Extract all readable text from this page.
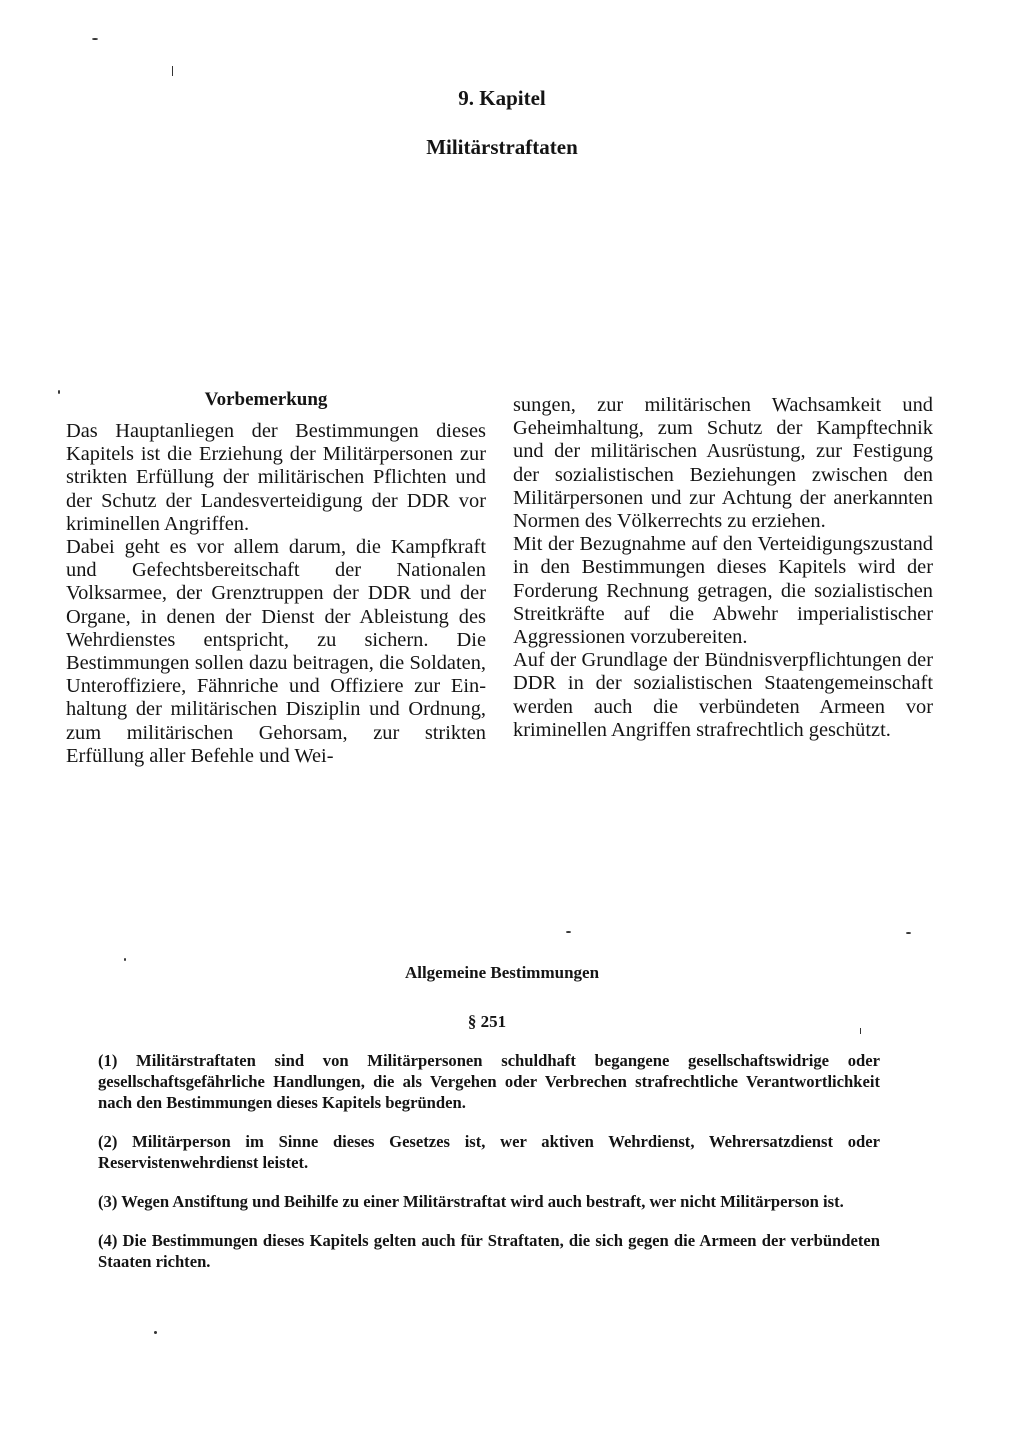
9. Kapitel
Militärstraftaten
Vorbemerkung

Das Hauptanliegen der Bestimmungen dieses Kapitels ist die Erziehung der Militärpersonen zur strikten Erfüllung der militärischen Pflichten und der Schutz der Landesverteidigung der DDR vor kriminellen Angriffen.

Dabei geht es vor allem darum, die Kampfkraft und Gefechtsbereitschaft der Nationalen Volksarmee, der Grenztruppen der DDR und der Organe, in denen der Dienst der Ableistung des Wehrdienstes entspricht, zu sichern. Die Bestimmungen sollen dazu beitragen, die Soldaten, Unteroffiziere, Fähnriche und Offiziere zur Einhaltung der militärischen Disziplin und Ordnung, zum militärischen Gehorsam, zur strikten Erfüllung aller Befehle und Wei-

sungen, zur militärischen Wachsamkeit und Geheimhaltung, zum Schutz der Kampftechnik und der militärischen Ausrüstung, zur Festigung der sozialistischen Beziehungen zwischen den Militärpersonen und zur Achtung der anerkannten Normen des Völkerrechts zu erziehen.

Mit der Bezugnahme auf den Verteidigungszustand in den Bestimmungen dieses Kapitels wird der Forderung Rechnung getragen, die sozialistischen Streitkräfte auf die Abwehr imperialistischer Aggressionen vorzubereiten.

Auf der Grundlage der Bündnisverpflichtungen der DDR in der sozialistischen Staatengemeinschaft werden auch die verbündeten Armeen vor kriminellen Angriffen strafrechtlich geschützt.

Allgemeine Bestimmungen
§ 251

(1) Militärstraftaten sind von Militärpersonen schuldhaft begangene gesellschaftswidrige oder gesellschaftsgefährliche Handlungen, die als Vergehen oder Verbrechen strafrechtliche Verantwortlichkeit nach den Bestimmungen dieses Kapitels begründen.

(2) Militärperson im Sinne dieses Gesetzes ist, wer aktiven Wehrdienst, Wehrersatzdienst oder Reservistenwehrdienst leistet.

(3) Wegen Anstiftung und Beihilfe zu einer Militärstraftat wird auch bestraft, wer nicht Militärperson ist.

(4) Die Bestimmungen dieses Kapitels gelten auch für Straftaten, die sich gegen die Armeen der verbündeten Staaten richten.
